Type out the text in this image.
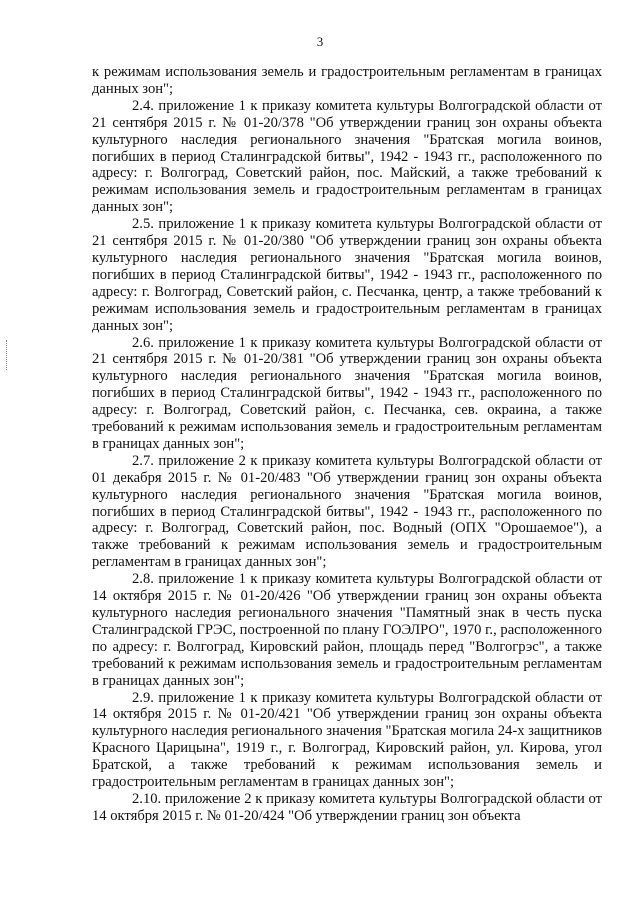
3

к режимам использования земель и градостроительным регламентам в границах данных зон";

2.4. приложение 1 к приказу комитета культуры Волгоградской области от 21 сентября 2015 г. № 01-20/378 "Об утверждении границ зон охраны объекта культурного наследия регионального значения "Братская могила воинов, погибших в период Сталинградской битвы", 1942 - 1943 гг., расположенного по адресу: г. Волгоград, Советский район, пос. Майский, а также требований к режимам использования земель и градостроительным регламентам в границах данных зон";

2.5. приложение 1 к приказу комитета культуры Волгоградской области от 21 сентября 2015 г. № 01-20/380 "Об утверждении границ зон охраны объекта культурного наследия регионального значения "Братская могила воинов, погибших в период Сталинградской битвы", 1942 - 1943 гг., расположенного по адресу: г. Волгоград, Советский район, с. Песчанка, центр, а также требований к режимам использования земель и градостроительным регламентам в границах данных зон";

2.6. приложение 1 к приказу комитета культуры Волгоградской области от 21 сентября 2015 г. № 01-20/381 "Об утверждении границ зон охраны объекта культурного наследия регионального значения "Братская могила воинов, погибших в период Сталинградской битвы", 1942 - 1943 гг., расположенного по адресу: г. Волгоград, Советский район, с. Песчанка, сев. окраина, а также требований к режимам использования земель и градостроительным регламентам в границах данных зон";

2.7. приложение 2 к приказу комитета культуры Волгоградской области от 01 декабря 2015 г. № 01-20/483 "Об утверждении границ зон охраны объекта культурного наследия регионального значения "Братская могила воинов, погибших в период Сталинградской битвы", 1942 - 1943 гг., расположенного по адресу: г. Волгоград, Советский район, пос. Водный (ОПХ "Орошаемое"), а также требований к режимам использования земель и градостроительным регламентам в границах данных зон";

2.8. приложение 1 к приказу комитета культуры Волгоградской области от 14 октября 2015 г. № 01-20/426 "Об утверждении границ зон охраны объекта культурного наследия регионального значения "Памятный знак в честь пуска Сталинградской ГРЭС, построенной по плану ГОЭЛРО", 1970 г., расположенного по адресу: г. Волгоград, Кировский район, площадь перед "Волгогрэс", а также требований к режимам использования земель и градостроительным регламентам в границах данных зон";

2.9. приложение 1 к приказу комитета культуры Волгоградской области от 14 октября 2015 г. № 01-20/421 "Об утверждении границ зон охраны объекта культурного наследия регионального значения "Братская могила 24-х защитников Красного Царицына", 1919 г., г. Волгоград, Кировский район, ул. Кирова, угол Братской, а также требований к режимам использования земель и градостроительным регламентам в границах данных зон";

2.10. приложение 2 к приказу комитета культуры Волгоградской области от 14 октября 2015 г. № 01-20/424 "Об утверждении границ зон объекта
